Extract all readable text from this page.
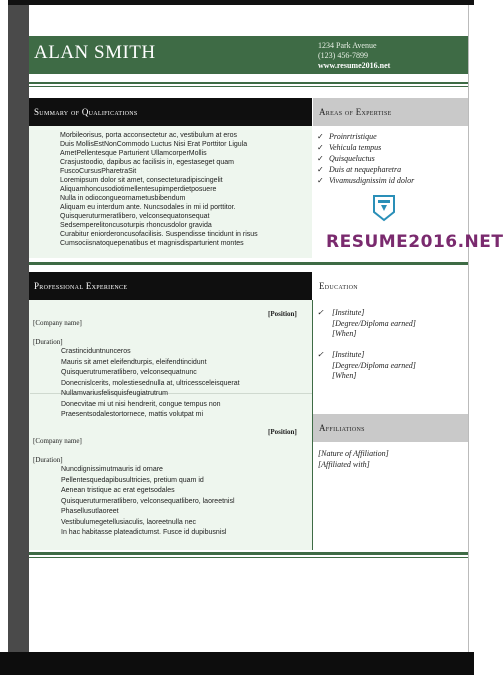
ALAN SMITH	1234 Park Avenue
(123) 456-7899
www.resume2016.net
Summary of Qualifications	Areas of Expertise
Morbileorisus, porta acconsectetur ac, vestibulum at eros
Duis MollisEstNonCommodo Luctus Nisi Erat Porttitor Ligula
AmetPellentesque Parturient UllamcorperMollis
Crasjustoodio, dapibus ac facilisis in, egestaseget quam
FuscoCursusPharetraSit
Loremipsum dolor sit amet, consecteturadipiscingelit
Aliquamhoncusodiotimellentesupimperdietposuere
Nulla in odiocongueornametusbibendum
Aliquam eu interdum ante. Nuncsodales in mi id porttitor.
Quisqueruturmeratlibero, velconsequatonsequat
Sedsemperelitoncusoturpis rhoncusdolor gravida
Curabitur eniorderoncusofacilisis. Suspendisse tincidunt in risus
Cumsociisnatoquepenatibus et magnisdisparturient montes
✓ Proinrtristique
✓ Vehicula tempus
✓ Quisqueluctus
✓ Duis at nequepharetra
✓ Vivamusdignissim id dolor
RESUME2016.NET
Professional Experience	Education
[Position]
[Company name]
[Duration]
Crastinciduntnunceros
Mauris sit amet eleifendturpis, eleifendtincidunt
Quisquerutrumeratlibero, velconsequatnunc
Donecnislcerits, molestiesednulla at, ultricessceleisquerat
Nullamvariusfelisquisfeugiatrutrum
Donecvitae mi ut nisi hendrerit, congue tempus non
Praesentsodalestortornece, mattis volutpat mi
[Position]
[Company name]
[Duration]
Nuncdignissimutmauris id ornare
Pellentesquedapibusultricies, pretium quam id
Aenean tristique ac erat egetsodales
Quisqueruturmeratlibero, velconsequatlibero, laoreetnisl
Phasellusutlaoreet
Vestibulumegetellusiaculis, laoreetnulla nec
In hac habitasse plateadictumst. Fusce id dupibusnisl
✓ [Institute]
[Degree/Diploma earned]
[When]
✓ [Institute]
[Degree/Diploma earned]
[When]
Affiliations
[Nature of Affiliation]
[Affiliated with]
